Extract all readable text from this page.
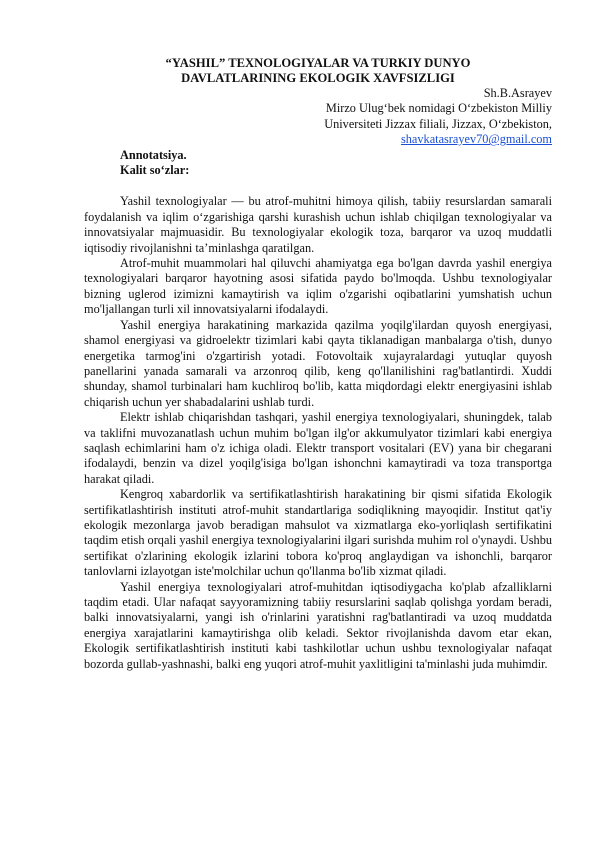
“YASHIL” TEXNOLOGIYALAR VA TURKIY DUNYO

DAVLATLARINING EKOLOGIK XAVFSIZLIGI

Sh.B.Asrayev

Mirzo Ulug‘bek nomidagi O‘zbekiston Milliy

Universiteti Jizzax filiali, Jizzax, O‘zbekiston,

shavkatasrayev70@gmail.com

Annotatsiya.

Kalit so‘zlar:

Yashil texnologiyalar — bu atrof-muhitni himoya qilish, tabiiy resurslardan samarali foydalanish va iqlim o‘zgarishiga qarshi kurashish uchun ishlab chiqilgan texnologiyalar va innovatsiyalar majmuasidir. Bu texnologiyalar ekologik toza, barqaror va uzoq muddatli iqtisodiy rivojlanishni ta’minlashga qaratilgan.

Atrof-muhit muammolari hal qiluvchi ahamiyatga ega bo'lgan davrda yashil energiya texnologiyalari barqaror hayotning asosi sifatida paydo bo'lmoqda. Ushbu texnologiyalar bizning uglerod izimizni kamaytirish va iqlim o'zgarishi oqibatlarini yumshatish uchun mo'ljallangan turli xil innovatsiyalarni ifodalaydi.

Yashil energiya harakatining markazida qazilma yoqilg'ilardan quyosh energiyasi, shamol energiyasi va gidroelektr tizimlari kabi qayta tiklanadigan manbalarga o'tish, dunyo energetika tarmog'ini o'zgartirish yotadi. Fotovoltaik xujayralardagi yutuqlar quyosh panellarini yanada samarali va arzonroq qilib, keng qo'llanilishini rag'batlantirdi. Xuddi shunday, shamol turbinalari ham kuchliroq bo'lib, katta miqdordagi elektr energiyasini ishlab chiqarish uchun yer shabadalarini ushlab turdi.

Elektr ishlab chiqarishdan tashqari, yashil energiya texnologiyalari, shuningdek, talab va taklifni muvozanatlash uchun muhim bo'lgan ilg'or akkumulyator tizimlari kabi energiya saqlash echimlarini ham o'z ichiga oladi. Elektr transport vositalari (EV) yana bir chegarani ifodalaydi, benzin va dizel yoqilg'isiga bo'lgan ishonchni kamaytiradi va toza transportga harakat qiladi.

Kengroq xabardorlik va sertifikatlashtirish harakatining bir qismi sifatida Ekologik sertifikatlashtirish instituti atrof-muhit standartlariga sodiqlikning mayoqidir. Institut qat'iy ekologik mezonlarga javob beradigan mahsulot va xizmatlarga eko-yorliqlash sertifikatini taqdim etish orqali yashil energiya texnologiyalarini ilgari surishda muhim rol o'ynaydi. Ushbu sertifikat o'zlarining ekologik izlarini tobora ko'proq anglaydigan va ishonchli, barqaror tanlovlarni izlayotgan iste'molchilar uchun qo'llanma bo'lib xizmat qiladi.

Yashil energiya texnologiyalari atrof-muhitdan iqtisodiygacha ko'plab afzalliklarni taqdim etadi. Ular nafaqat sayyoramizning tabiiy resurslarini saqlab qolishga yordam beradi, balki innovatsiyalarni, yangi ish o'rinlarini yaratishni rag'batlantiradi va uzoq muddatda energiya xarajatlarini kamaytirishga olib keladi. Sektor rivojlanishda davom etar ekan, Ekologik sertifikatlashtirish instituti kabi tashkilotlar uchun ushbu texnologiyalar nafaqat bozorda gullab-yashnashi, balki eng yuqori atrof-muhit yaxlitligini ta'minlashi juda muhimdir.
